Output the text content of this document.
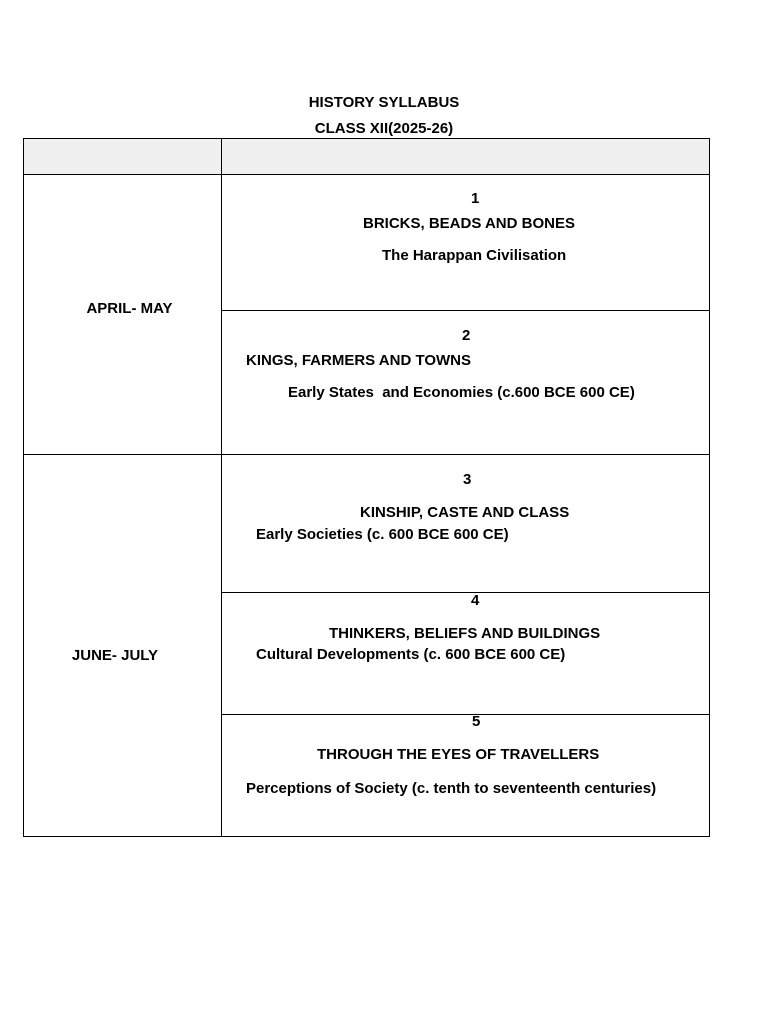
HISTORY SYLLABUS
CLASS XII(2025-26)
APRIL- MAY
JUNE- JULY
1
BRICKS, BEADS AND BONES
The Harappan Civilisation
2
KINGS, FARMERS AND TOWNS
Early States  and Economies (c.600 BCE 600 CE)
3
KINSHIP, CASTE AND CLASS
Early Societies (c. 600 BCE 600 CE)
4
THINKERS, BELIEFS AND BUILDINGS
Cultural Developments (c. 600 BCE 600 CE)
5
THROUGH THE EYES OF TRAVELLERS
Perceptions of Society (c. tenth to seventeenth centuries)
